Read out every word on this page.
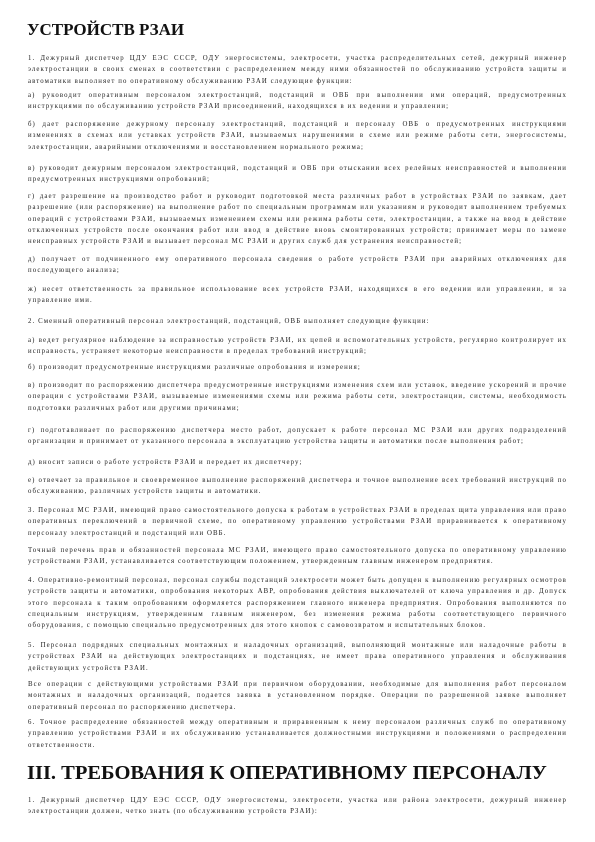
УСТРОЙСТВ РЗАИ

1. Дежурный диспетчер ЦДУ ЕЭС СССР, ОДУ энергосистемы, электросети, участка распределительных сетей, дежурный инженер электростанции в своих сменах в соответствии с распределением между ними обязанностей по обслуживанию устройств защиты и автоматики выполняет по оперативному обслуживанию РЗАИ следующие функции:

а) руководит оперативным персоналом электростанций, подстанций и ОВБ при выполнении ими операций, предусмотренных инструкциями по обслуживанию устройств РЗАИ присоединений, находящихся в их ведении и управлении;

б) дает распоряжение дежурному персоналу электростанций, подстанций и персоналу ОВБ о предусмотренных инструкциями изменениях в схемах или уставках устройств РЗАИ, вызываемых нарушениями в схеме или режиме работы сети, энергосистемы, электростанции, аварийными отключениями и восстановлением нормального режима;

в) руководит дежурным персоналом электростанций, подстанций и ОВБ при отыскании всех релейных неисправностей и выполнении предусмотренных инструкциями опробований;

г) дает разрешение на производство работ и руководит подготовкой места различных работ в устройствах РЗАИ по заявкам, дает разрешение (или распоряжение) на выполнение работ по специальным программам или указаниям и руководит выполнением требуемых операций с устройствами РЗАИ, вызываемых изменением схемы или режима работы сети, электростанции, а также на ввод в действие отключенных устройств после окончания работ или ввод в действие вновь смонтированных устройств; принимает меры по замене неисправных устройств РЗАИ и вызывает персонал МС РЗАИ и других служб для устранения неисправностей;

д) получает от подчиненного ему оперативного персонала сведения о работе устройств РЗАИ при аварийных отключениях для последующего анализа;

ж) несет ответственность за правильное использование всех устройств РЗАИ, находящихся в его ведении или управлении, и за управление ими.

2. Сменный оперативный персонал электростанций, подстанций, ОВБ выполняет следующие функции:

а) ведет регулярное наблюдение за исправностью устройств РЗАИ, их цепей и вспомогательных устройств, регулярно контролирует их исправность, устраняет некоторые неисправности в пределах требований инструкций;

б) производит предусмотренные инструкциями различные опробования и измерения;

в) производит по распоряжению диспетчера предусмотренные инструкциями изменения схем или уставок, введение ускорений и прочие операции с устройствами РЗАИ, вызываемые изменениями схемы или режима работы сети, электростанции, системы, необходимость подготовки различных работ или другими причинами;

г) подготавливает по распоряжению диспетчера место работ, допускает к работе персонал МС РЗАИ или других подразделений организации и принимает от указанного персонала в эксплуатацию устройства защиты и автоматики после выполнения работ;

д) вносит записи о работе устройств РЗАИ и передает их диспетчеру;

е) отвечает за правильное и своевременное выполнение распоряжений диспетчера и точное выполнение всех требований инструкций по обслуживанию, различных устройств защиты и автоматики.

3. Персонал МС РЗАИ, имеющий право самостоятельного допуска к работам в устройствах РЗАИ в пределах щита управления или право оперативных переключений в первичной схеме, по оперативному управлению устройствами РЗАИ приравнивается к оперативному персоналу электростанций и подстанций или ОВБ.

Точный перечень прав и обязанностей персонала МС РЗАИ, имеющего право самостоятельного допуска по оперативному управлению устройствами РЗАИ, устанавливается соответствующим положением, утвержденным главным инженером предприятия.

4. Оперативно-ремонтный персонал, персонал службы подстанций электросети может быть допущен к выполнению регулярных осмотров устройств защиты и автоматики, опробования некоторых АВР, опробования действия выключателей от ключа управления и др. Допуск этого персонала к таким опробованиям оформляется распоряжением главного инженера предприятия. Опробования выполняются по специальным инструкциям, утвержденным главным инженером, без изменения режима работы соответствующего первичного оборудования, с помощью специально предусмотренных для этого кнопок с самовозвратом и испытательных блоков.

5. Персонал подрядных специальных монтажных и наладочных организаций, выполняющий монтажные или наладочные работы в устройствах РЗАИ на действующих электростанциях и подстанциях, не имеет права оперативного управления и обслуживания действующих устройств РЗАИ.

Все операции с действующими устройствами РЗАИ при первичном оборудовании, необходимые для выполнения работ персоналом монтажных и наладочных организаций, подается заявка в установленном порядке. Операции по разрешенной заявке выполняет оперативный персонал по распоряжению диспетчера.

6. Точное распределение обязанностей между оперативным и приравненным к нему персоналом различных служб по оперативному управлению устройствами РЗАИ и их обслуживанию устанавливается должностными инструкциями и положениями о распределении ответственности.

III. ТРЕБОВАНИЯ К ОПЕРАТИВНОМУ ПЕРСОНАЛУ

1. Дежурный диспетчер ЦДУ ЕЭС СССР, ОДУ энергосистемы, электросети, участка или района электросети, дежурный инженер электростанции должен, четко знать (по обслуживанию устройств РЗАИ):
